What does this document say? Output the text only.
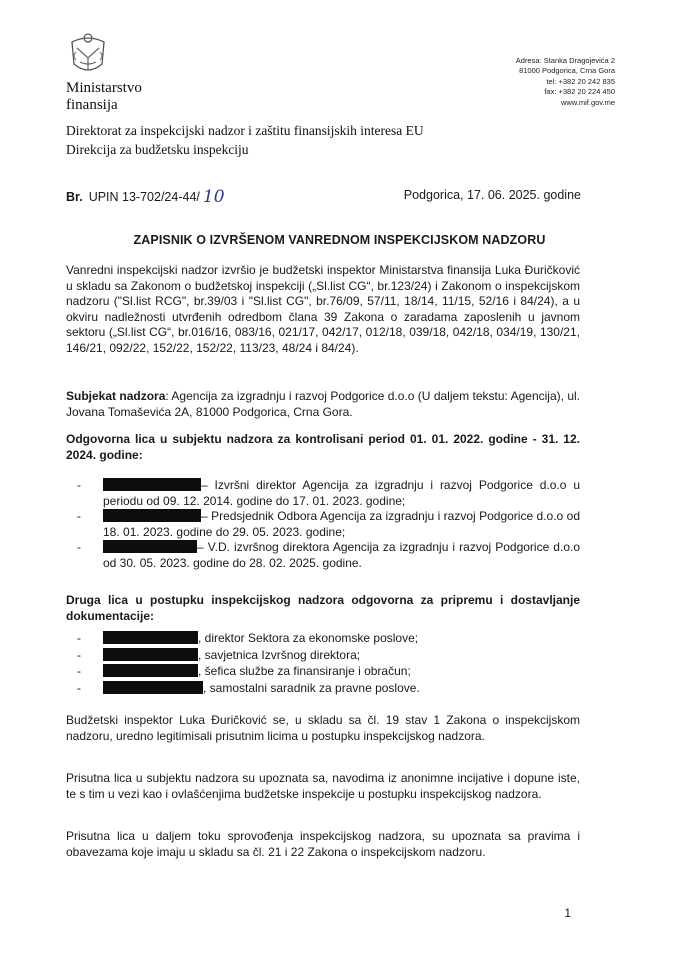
Ministarstvo
finansija
Direktorat za inspekcijski nadzor i zaštitu finansijskih interesa EU
Direkcija za budžetsku inspekciju
Adresa: Stanka Dragojevića 2
81000 Podgorica, Crna Gora
tel: +382 20 242 835
fax: +382 20 224 450
www.mif.gov.me
Br. UPIN 13-702/24-44/ 10	Podgorica, 17. 06. 2025. godine
ZAPISNIK O IZVRŠENOM VANREDNOM INSPEKCIJSKOM NADZORU
Vanredni inspekcijski nadzor izvršio je budžetski inspektor Ministarstva finansija Luka Đuričković u skladu sa Zakonom o budžetskoj inspekciji („Sl.list CG“, br.123/24) i Zakonom o inspekcijskom nadzoru ("Sl.list RCG", br.39/03 i "Sl.list CG", br.76/09, 57/11, 18/14, 11/15, 52/16 i 84/24), a u okviru nadležnosti utvrđenih odredbom člana 39 Zakona o zaradama zaposlenih u javnom sektoru („Sl.list CG“, br.016/16, 083/16, 021/17, 042/17, 012/18, 039/18, 042/18, 034/19, 130/21, 146/21, 092/22, 152/22, 152/22, 113/23, 48/24 i 84/24).
Subjekat nadzora: Agencija za izgradnju i razvoj Podgorice d.o.o (U daljem tekstu: Agencija), ul. Jovana Tomaševića 2A, 81000 Podgorica, Crna Gora.
Odgovorna lica u subjektu nadzora za kontrolisani period 01. 01. 2022. godine - 31. 12. 2024. godine:
-	– Izvršni direktor Agencija za izgradnju i razvoj Podgorice d.o.o u periodu od 09. 12. 2014. godine do 17. 01. 2023. godine;
-	– Predsjednik Odbora Agencija za izgradnju i razvoj Podgorice d.o.o od 18. 01. 2023. godine do 29. 05. 2023. godine;
-	– V.D. izvršnog direktora Agencija za izgradnju i razvoj Podgorice d.o.o od 30. 05. 2023. godine do 28. 02. 2025. godine.
Druga lica u postupku inspekcijskog nadzora odgovorna za pripremu i dostavljanje dokumentacije:
-	, direktor Sektora za ekonomske poslove;
-	, savjetnica Izvršnog direktora;
-	, šefica službe za finansiranje i obračun;
-	, samostalni saradnik za pravne poslove.
Budžetski inspektor Luka Đuričković se, u skladu sa čl. 19 stav 1 Zakona o inspekcijskom nadzoru, uredno legitimisali prisutnim licima u postupku inspekcijskog nadzora.
Prisutna lica u subjektu nadzora su upoznata sa, navodima iz anonimne incijative i dopune iste, te s tim u vezi kao i ovlašćenjima budžetske inspekcije u postupku inspekcijskog nadzora.
Prisutna lica u daljem toku sprovođenja inspekcijskog nadzora, su upoznata sa pravima i obavezama koje imaju u skladu sa čl. 21 i 22 Zakona o inspekcijskom nadzoru.
1
